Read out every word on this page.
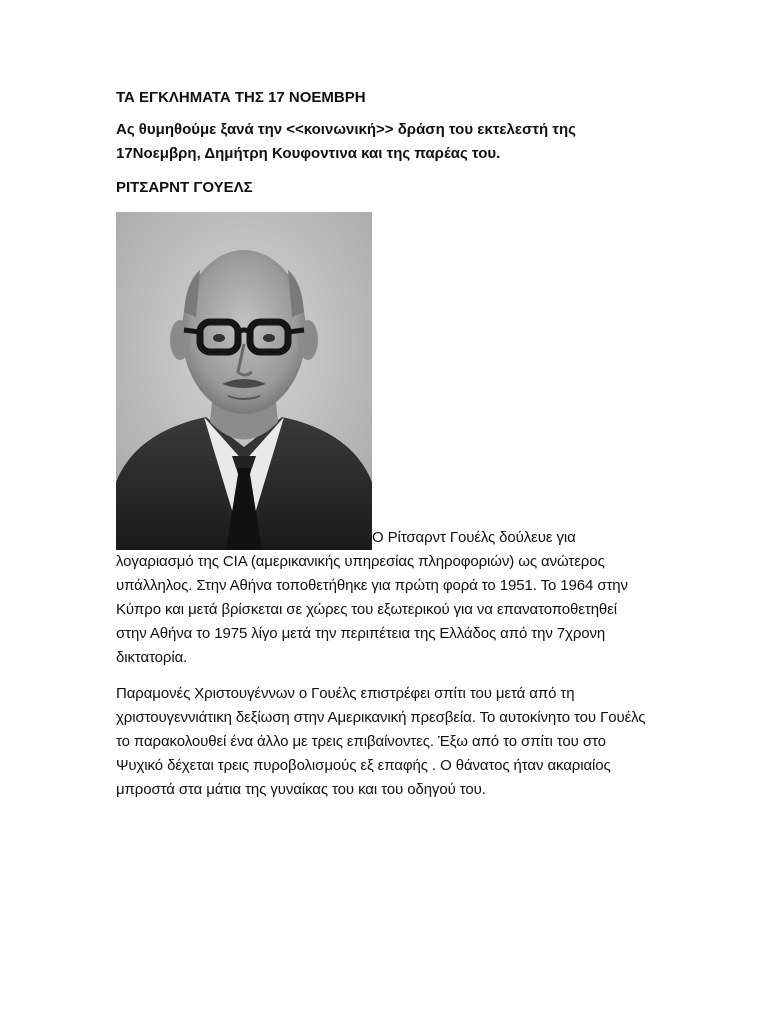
ΤΑ ΕΓΚΛΗΜΑΤΑ ΤΗΣ 17 ΝΟΕΜΒΡΗ
Ας θυμηθούμε ξανά την <<κοινωνική>> δράση του εκτελεστή της 17Νοεμβρη, Δημήτρη Κουφοντινα και της παρέας του.
ΡΙΤΣΑΡΝΤ ΓΟΥΕΛΣ

Ο Ρίτσαρντ Γουέλς δούλευε για λογαριασμό της CIA (αμερικανικής υπηρεσίας πληροφοριών) ως ανώτερος υπάλληλος. Στην Αθήνα τοποθετήθηκε για πρώτη φορά το 1951. Το 1964 στην Κύπρο και μετά βρίσκεται σε χώρες του εξωτερικού για να επανατοποθετηθεί στην Αθήνα το 1975 λίγο μετά την περιπέτεια της Ελλάδος από την 7χρονη δικτατορία.

Παραμονές Χριστουγέννων ο Γουέλς επιστρέφει σπίτι του μετά από τη χριστουγεννιάτικη δεξίωση στην Αμερικανική πρεσβεία. Το αυτοκίνητο του Γουέλς το παρακολουθεί ένα άλλο με τρεις επιβαίνοντες. Έξω από το σπίτι του στο Ψυχικό δέχεται τρεις πυροβολισμούς εξ επαφής . Ο θάνατος ήταν ακαριαίος μπροστά στα μάτια της γυναίκας του και του οδηγού του.
